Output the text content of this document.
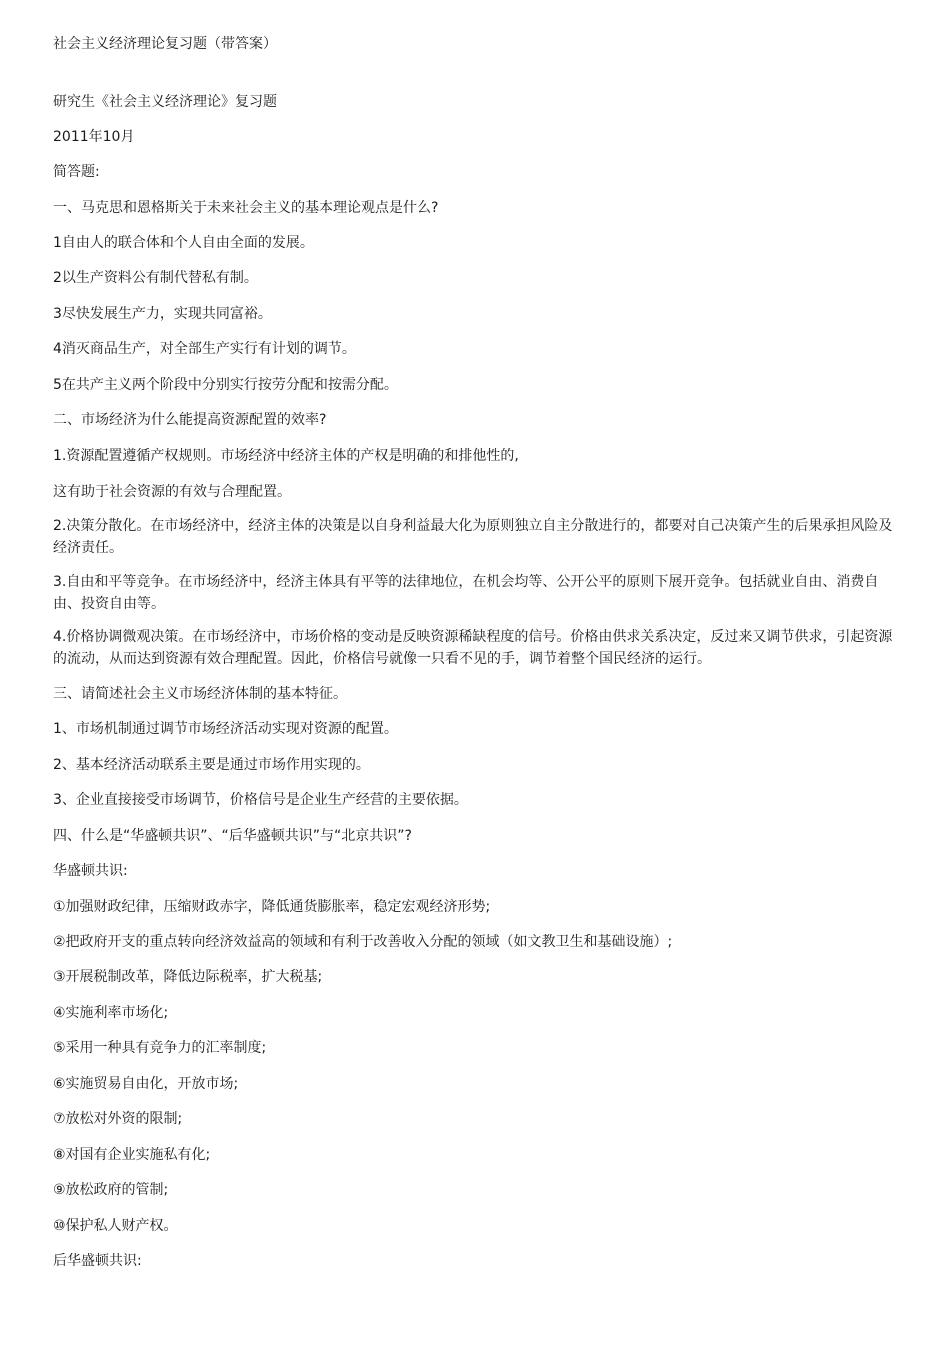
社会主义经济理论复习题（带答案）

研究生《社会主义经济理论》复习题

2011年10月

简答题:

一、马克思和恩格斯关于未来社会主义的基本理论观点是什么?

1自由人的联合体和个人自由全面的发展。

2以生产资料公有制代替私有制。

3尽快发展生产力，实现共同富裕。

4消灭商品生产，对全部生产实行有计划的调节。

5在共产主义两个阶段中分别实行按劳分配和按需分配。

二、市场经济为什么能提高资源配置的效率?

1.资源配置遵循产权规则。市场经济中经济主体的产权是明确的和排他性的,

这有助于社会资源的有效与合理配置。

2.决策分散化。在市场经济中，经济主体的决策是以自身利益最大化为原则独立自主分散进行的，都要对自己决策产生的后果承担风险及经济责任。

3.自由和平等竞争。在市场经济中，经济主体具有平等的法律地位，在机会均等、公开公平的原则下展开竞争。包括就业自由、消费自由、投资自由等。

4.价格协调微观决策。在市场经济中，市场价格的变动是反映资源稀缺程度的信号。价格由供求关系决定，反过来又调节供求，引起资源的流动，从而达到资源有效合理配置。因此，价格信号就像一只看不见的手，调节着整个国民经济的运行。

三、请简述社会主义市场经济体制的基本特征。

1、市场机制通过调节市场经济活动实现对资源的配置。

2、基本经济活动联系主要是通过市场作用实现的。

3、企业直接接受市场调节，价格信号是企业生产经营的主要依据。

四、什么是“华盛顿共识”、“后华盛顿共识”与“北京共识”?

华盛顿共识:

①加强财政纪律，压缩财政赤字，降低通货膨胀率，稳定宏观经济形势;

②把政府开支的重点转向经济效益高的领域和有利于改善收入分配的领域（如文教卫生和基础设施）;

③开展税制改革，降低边际税率，扩大税基;

④实施利率市场化;

⑤采用一种具有竞争力的汇率制度;

⑥实施贸易自由化，开放市场;

⑦放松对外资的限制;

⑧对国有企业实施私有化;

⑨放松政府的管制;

⑩保护私人财产权。

后华盛顿共识:
